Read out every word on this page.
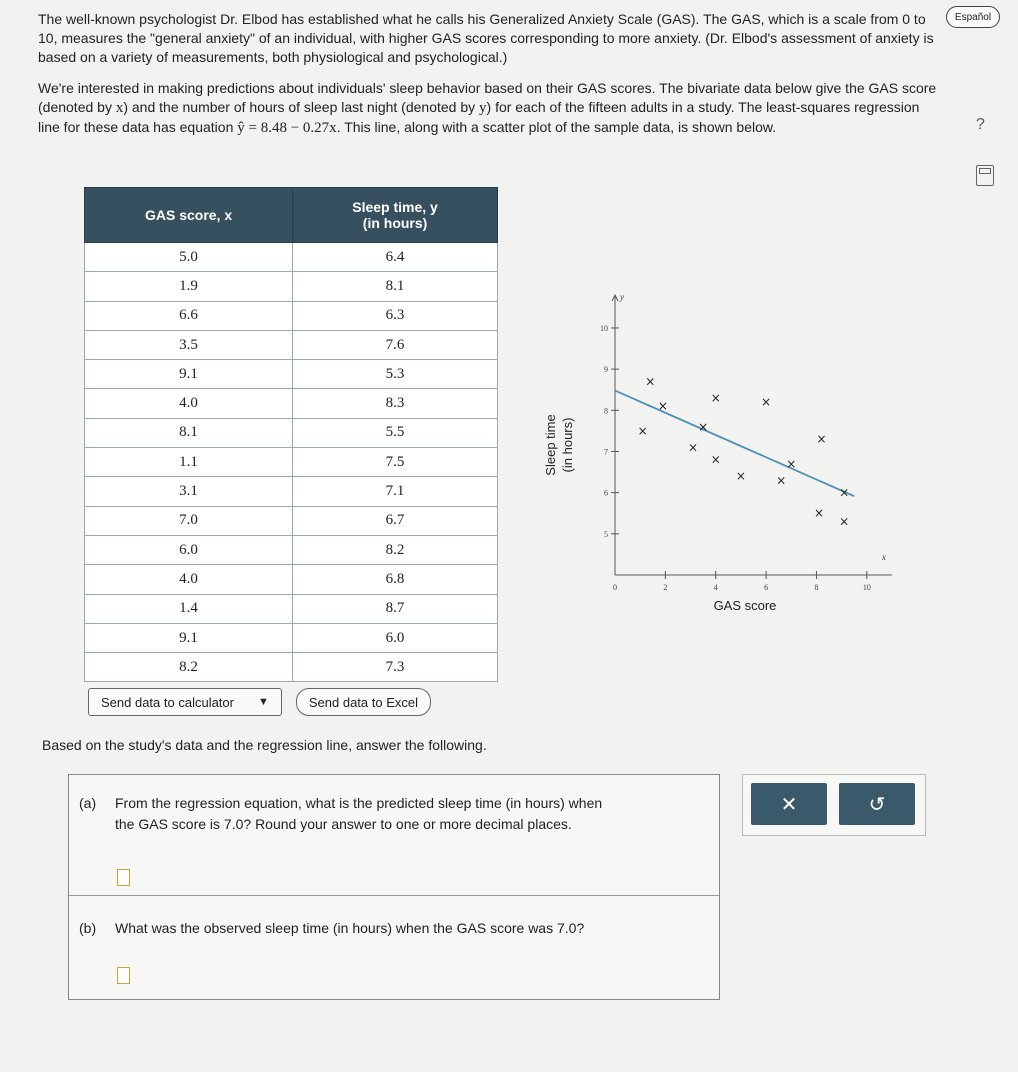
Español
?

The well-known psychologist Dr. Elbod has established what he calls his Generalized Anxiety Scale (GAS). The GAS, which is a scale from 0 to 10, measures the "general anxiety" of an individual, with higher GAS scores corresponding to more anxiety. (Dr. Elbod's assessment of anxiety is based on a variety of measurements, both physiological and psychological.)

We're interested in making predictions about individuals' sleep behavior based on their GAS scores. The bivariate data below give the GAS score (denoted by x) and the number of hours of sleep last night (denoted by y) for each of the fifteen adults in a study. The least-squares regression line for these data has equation ŷ = 8.48 − 0.27x. This line, along with a scatter plot of the sample data, is shown below.

GAS score, x	Sleep time, y
(in hours)
5.0	6.4
1.9	8.1
6.6	6.3
3.5	7.6
9.1	5.3
4.0	8.3
8.1	5.5
1.1	7.5
3.1	7.1
7.0	6.7
6.0	8.2
4.0	6.8
1.4	8.7
9.1	6.0
8.2	7.3
Send data to calculator ▼	Send data to Excel
Sleep time (in hours)
GAS score
x
y
0	2	4	6	8	10
5
6
7
8
9
10
×
×
×
×
×
×
×
×
×
×
×
×
×
×
×
Based on the study's data and the regression line, answer the following.
(a) From the regression equation, what is the predicted sleep time (in hours) when
the GAS score is 7.0? Round your answer to one or more decimal places.
(b) What was the observed sleep time (in hours) when the GAS score was 7.0?
✕	↺
